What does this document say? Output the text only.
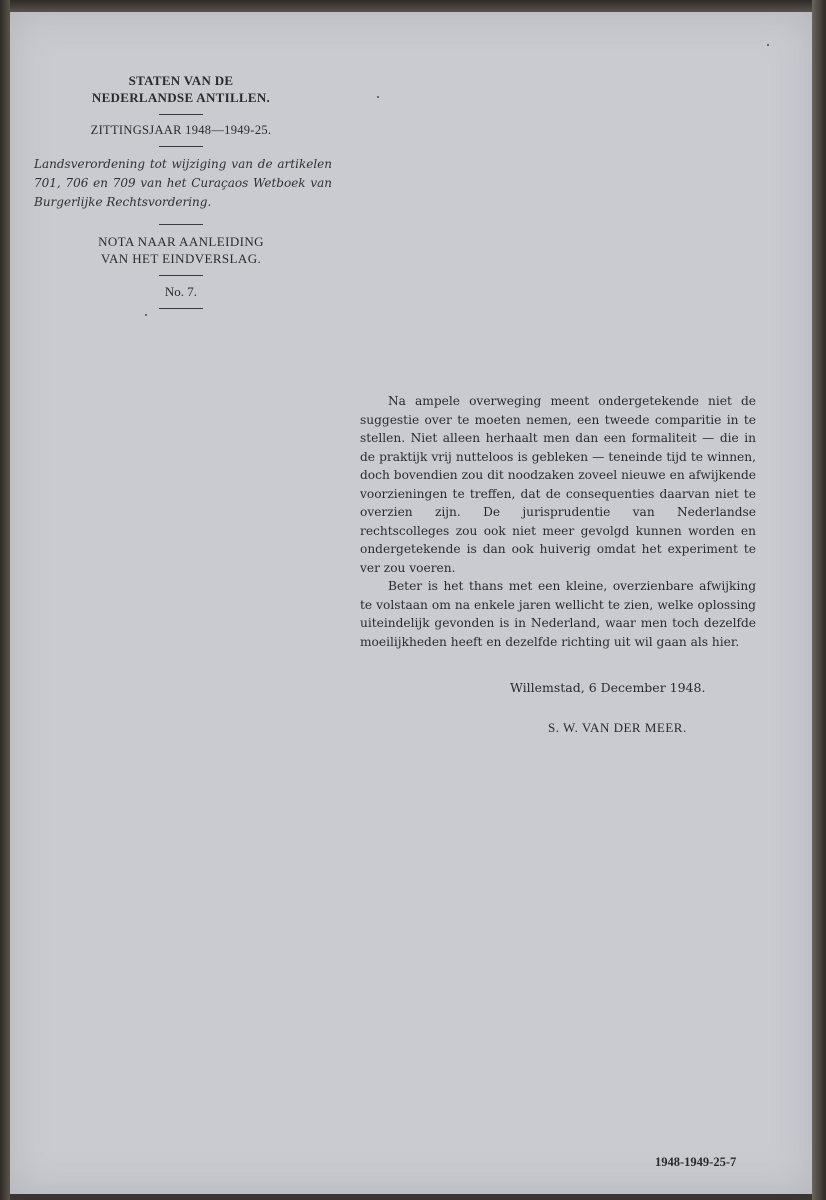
STATEN VAN DE
NEDERLANDSE ANTILLEN.
ZITTINGSJAAR 1948—1949-25.
Landsverordening tot wijziging van de artikelen 701, 706 en 709 van het Curaçaos Wetboek van Burgerlijke Rechtsvordering.
NOTA NAAR AANLEIDING
VAN HET EINDVERSLAG.
No. 7.

Na ampele overweging meent ondergetekende niet de suggestie over te moeten nemen, een tweede comparitie in te stellen. Niet alleen herhaalt men dan een formaliteit — die in de praktijk vrij nutteloos is gebleken — teneinde tijd te winnen, doch bovendien zou dit noodzaken zoveel nieuwe en afwijkende voorzieningen te treffen, dat de consequenties daarvan niet te overzien zijn. De jurisprudentie van Nederlandse rechtscolleges zou ook niet meer gevolgd kunnen worden en ondergetekende is dan ook huiverig omdat het experiment te ver zou voeren.

Beter is het thans met een kleine, overzienbare afwijking te volstaan om na enkele jaren wellicht te zien, welke oplossing uiteindelijk gevonden is in Nederland, waar men toch dezelfde moeilijkheden heeft en dezelfde richting uit wil gaan als hier.

Willemstad, 6 December 1948.
S. W. VAN DER MEER.
1948-1949-25-7
